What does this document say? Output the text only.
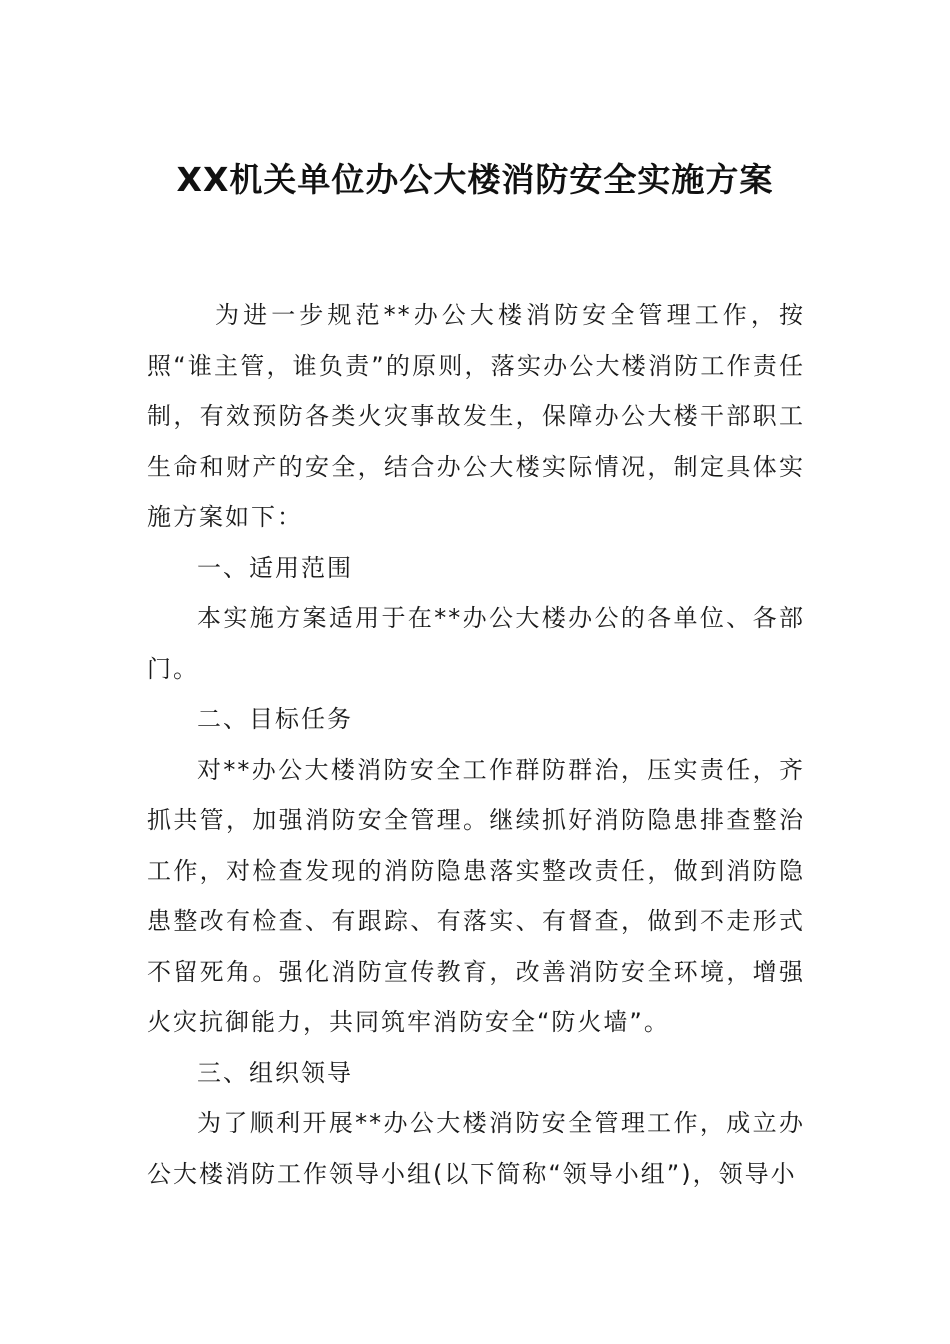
XX机关单位办公大楼消防安全实施方案

为进一步规范**办公大楼消防安全管理工作，按照“谁主管，谁负责”的原则，落实办公大楼消防工作责任制，有效预防各类火灾事故发生，保障办公大楼干部职工生命和财产的安全，结合办公大楼实际情况，制定具体实施方案如下：

一、适用范围

本实施方案适用于在**办公大楼办公的各单位、各部门。

二、目标任务

对**办公大楼消防安全工作群防群治，压实责任，齐抓共管，加强消防安全管理。继续抓好消防隐患排查整治工作，对检查发现的消防隐患落实整改责任，做到消防隐患整改有检查、有跟踪、有落实、有督查，做到不走形式不留死角。强化消防宣传教育，改善消防安全环境，增强火灾抗御能力，共同筑牢消防安全“防火墙”。

三、组织领导

为了顺利开展**办公大楼消防安全管理工作，成立办公大楼消防工作领导小组(以下简称“领导小组”)，领导小
